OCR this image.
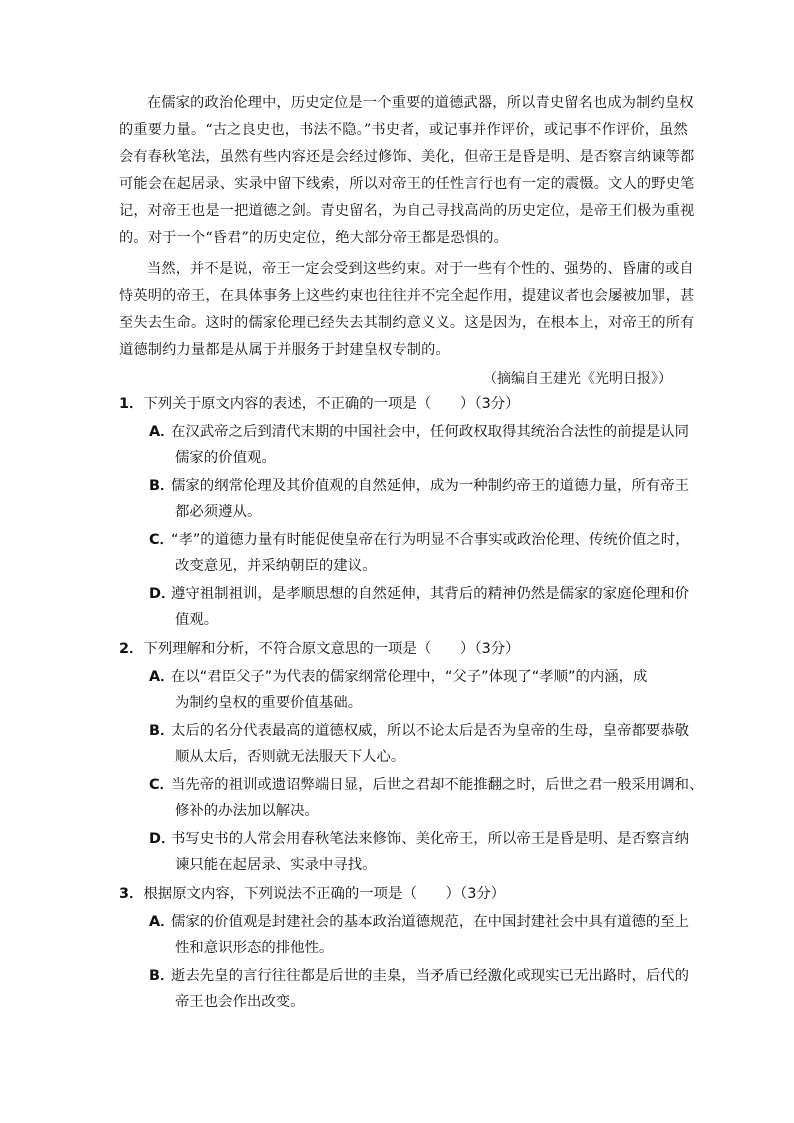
在儒家的政治伦理中，历史定位是一个重要的道德武器，所以青史留名也成为制约皇权
的重要力量。“古之良史也，书法不隐。”书史者，或记事并作评价，或记事不作评价，虽然
会有春秋笔法，虽然有些内容还是会经过修饰、美化，但帝王是昏是明、是否察言纳谏等都
可能会在起居录、实录中留下线索，所以对帝王的任性言行也有一定的震慑。文人的野史笔
记，对帝王也是一把道德之剑。青史留名，为自己寻找高尚的历史定位，是帝王们极为重视
的。对于一个“昏君”的历史定位，绝大部分帝王都是恐惧的。
当然，并不是说，帝王一定会受到这些约束。对于一些有个性的、强势的、昏庸的或自
恃英明的帝王，在具体事务上这些约束也往往并不完全起作用，提建议者也会屡被加罪，甚
至失去生命。这时的儒家伦理已经失去其制约意义义。这是因为，在根本上，对帝王的所有
道德制约力量都是从属于并服务于封建皇权专制的。
（摘编自王建光《光明日报》）
1．下列关于原文内容的表述，不正确的一项是（　　）（3分）
A．在汉武帝之后到清代末期的中国社会中，任何政权取得其统治合法性的前提是认同
儒家的价值观。
B．儒家的纲常伦理及其价值观的自然延伸，成为一种制约帝王的道德力量，所有帝王
都必须遵从。
C．“孝”的道德力量有时能促使皇帝在行为明显不合事实或政治伦理、传统价值之时，
改变意见，并采纳朝臣的建议。
D．遵守祖制祖训，是孝顺思想的自然延伸，其背后的精神仍然是儒家的家庭伦理和价
值观。
2．下列理解和分析，不符合原文意思的一项是（　　）（3分）
A．在以“君臣父子”为代表的儒家纲常伦理中，“父子”体现了“孝顺”的内涵，成
为制约皇权的重要价值基础。
B．太后的名分代表最高的道德权威，所以不论太后是否为皇帝的生母，皇帝都要恭敬
顺从太后，否则就无法服天下人心。
C．当先帝的祖训或遗诏弊端日显，后世之君却不能推翻之时，后世之君一般采用调和、
修补的办法加以解决。
D．书写史书的人常会用春秋笔法来修饰、美化帝王，所以帝王是昏是明、是否察言纳
谏只能在起居录、实录中寻找。
3．根据原文内容，下列说法不正确的一项是（　　）（3分）
A．儒家的价值观是封建社会的基本政治道德规范，在中国封建社会中具有道德的至上
性和意识形态的排他性。
B．逝去先皇的言行往往都是后世的圭臬，当矛盾已经激化或现实已无出路时，后代的
帝王也会作出改变。
